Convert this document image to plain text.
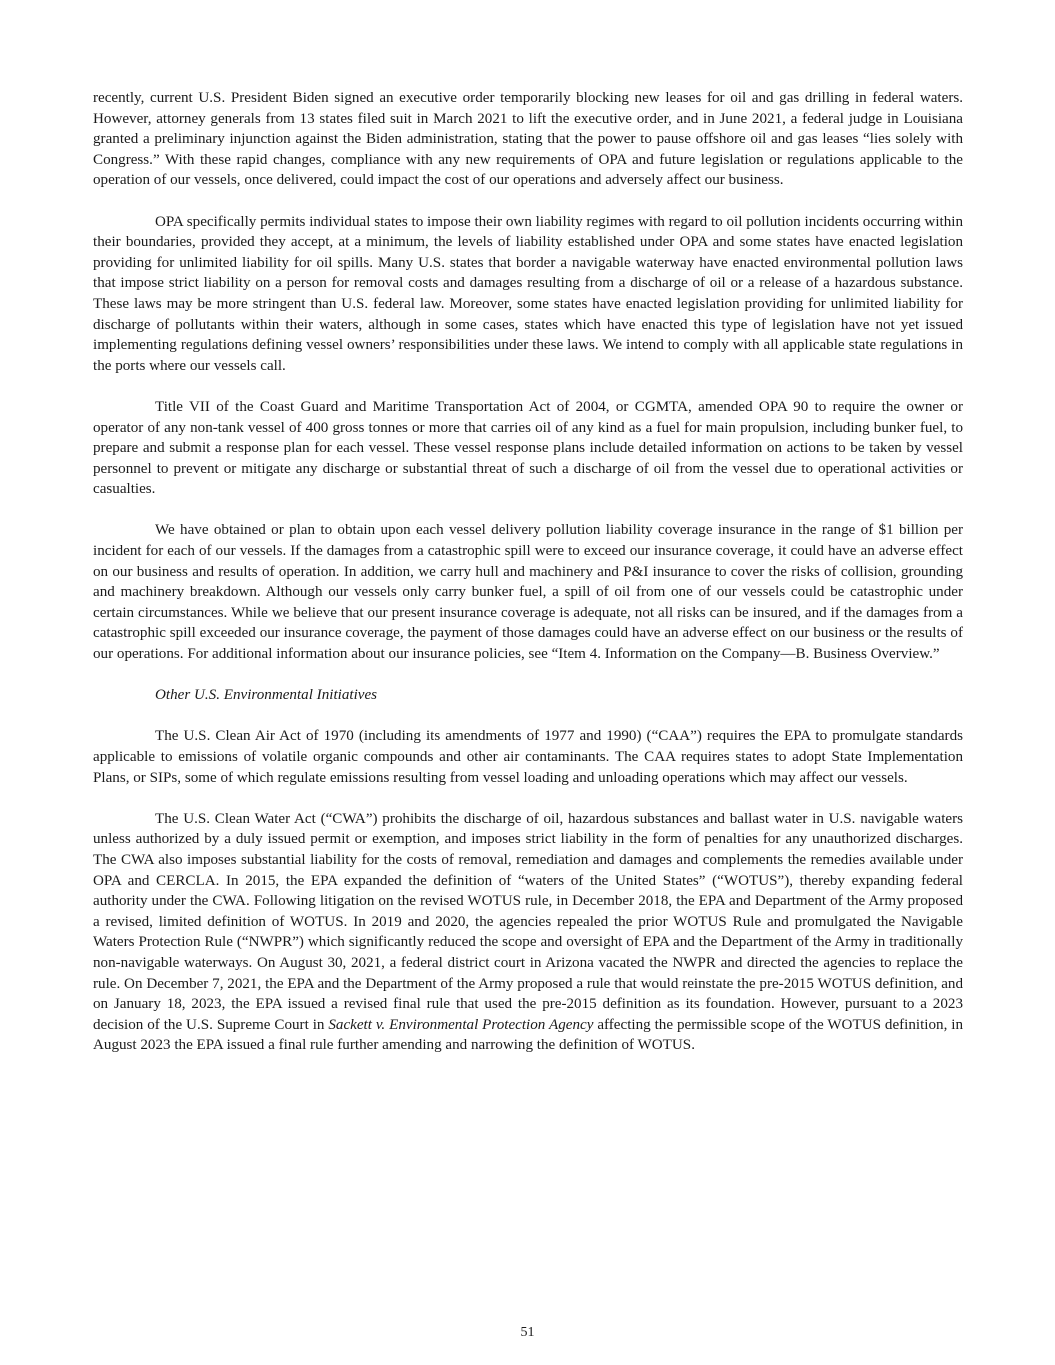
recently, current U.S. President Biden signed an executive order temporarily blocking new leases for oil and gas drilling in federal waters. However, attorney generals from 13 states filed suit in March 2021 to lift the executive order, and in June 2021, a federal judge in Louisiana granted a preliminary injunction against the Biden administration, stating that the power to pause offshore oil and gas leases “lies solely with Congress.” With these rapid changes, compliance with any new requirements of OPA and future legislation or regulations applicable to the operation of our vessels, once delivered, could impact the cost of our operations and adversely affect our business.

OPA specifically permits individual states to impose their own liability regimes with regard to oil pollution incidents occurring within their boundaries, provided they accept, at a minimum, the levels of liability established under OPA and some states have enacted legislation providing for unlimited liability for oil spills. Many U.S. states that border a navigable waterway have enacted environmental pollution laws that impose strict liability on a person for removal costs and damages resulting from a discharge of oil or a release of a hazardous substance. These laws may be more stringent than U.S. federal law. Moreover, some states have enacted legislation providing for unlimited liability for discharge of pollutants within their waters, although in some cases, states which have enacted this type of legislation have not yet issued implementing regulations defining vessel owners’ responsibilities under these laws. We intend to comply with all applicable state regulations in the ports where our vessels call.

Title VII of the Coast Guard and Maritime Transportation Act of 2004, or CGMTA, amended OPA 90 to require the owner or operator of any non-tank vessel of 400 gross tonnes or more that carries oil of any kind as a fuel for main propulsion, including bunker fuel, to prepare and submit a response plan for each vessel. These vessel response plans include detailed information on actions to be taken by vessel personnel to prevent or mitigate any discharge or substantial threat of such a discharge of oil from the vessel due to operational activities or casualties.

We have obtained or plan to obtain upon each vessel delivery pollution liability coverage insurance in the range of $1 billion per incident for each of our vessels. If the damages from a catastrophic spill were to exceed our insurance coverage, it could have an adverse effect on our business and results of operation. In addition, we carry hull and machinery and P&I insurance to cover the risks of collision, grounding and machinery breakdown. Although our vessels only carry bunker fuel, a spill of oil from one of our vessels could be catastrophic under certain circumstances. While we believe that our present insurance coverage is adequate, not all risks can be insured, and if the damages from a catastrophic spill exceeded our insurance coverage, the payment of those damages could have an adverse effect on our business or the results of our operations. For additional information about our insurance policies, see “Item 4. Information on the Company—B. Business Overview.”

Other U.S. Environmental Initiatives

The U.S. Clean Air Act of 1970 (including its amendments of 1977 and 1990) (“CAA”) requires the EPA to promulgate standards applicable to emissions of volatile organic compounds and other air contaminants. The CAA requires states to adopt State Implementation Plans, or SIPs, some of which regulate emissions resulting from vessel loading and unloading operations which may affect our vessels.

The U.S. Clean Water Act (“CWA”) prohibits the discharge of oil, hazardous substances and ballast water in U.S. navigable waters unless authorized by a duly issued permit or exemption, and imposes strict liability in the form of penalties for any unauthorized discharges. The CWA also imposes substantial liability for the costs of removal, remediation and damages and complements the remedies available under OPA and CERCLA. In 2015, the EPA expanded the definition of “waters of the United States” (“WOTUS”), thereby expanding federal authority under the CWA. Following litigation on the revised WOTUS rule, in December 2018, the EPA and Department of the Army proposed a revised, limited definition of WOTUS. In 2019 and 2020, the agencies repealed the prior WOTUS Rule and promulgated the Navigable Waters Protection Rule (“NWPR”) which significantly reduced the scope and oversight of EPA and the Department of the Army in traditionally non-navigable waterways. On August 30, 2021, a federal district court in Arizona vacated the NWPR and directed the agencies to replace the rule. On December 7, 2021, the EPA and the Department of the Army proposed a rule that would reinstate the pre-2015 WOTUS definition, and on January 18, 2023, the EPA issued a revised final rule that used the pre-2015 definition as its foundation. However, pursuant to a 2023 decision of the U.S. Supreme Court in Sackett v. Environmental Protection Agency affecting the permissible scope of the WOTUS definition, in August 2023 the EPA issued a final rule further amending and narrowing the definition of WOTUS.

51
